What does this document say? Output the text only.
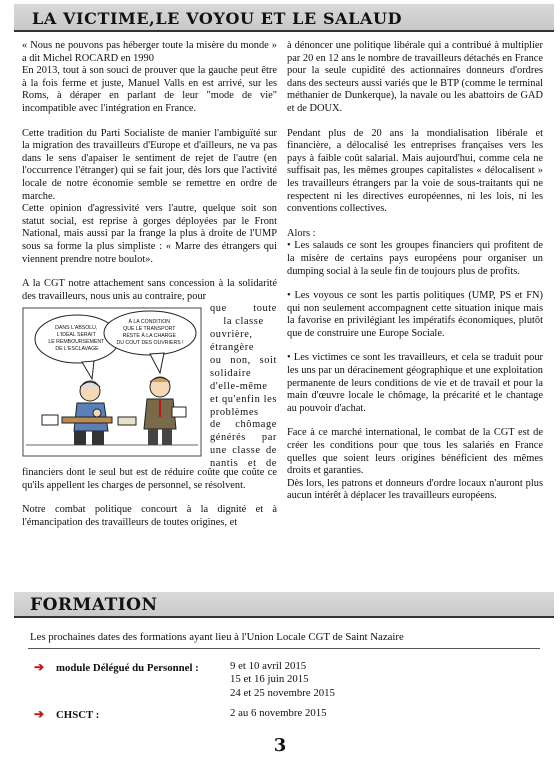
LA VICTIME,LE VOYOU ET LE SALAUD

« Nous ne pouvons pas héberger toute la misère du monde » a dit Michel ROCARD en 1990

En 2013, tout à son souci de prouver que la gauche peut être à la fois ferme et juste, Manuel Valls en est arrivé, sur les Roms, à déraper en parlant de leur "mode de vie" incompatible avec l'intégration en France.

Cette tradition du Parti Socialiste de manier l'ambiguïté sur la migration des travailleurs d'Europe et d'ailleurs, ne va pas dans le sens d'apaiser le sentiment de rejet de l'autre (en l'occurrence l'étranger) qui se fait jour, dès lors que l'activité locale de notre économie semble se remettre en ordre de marche.

Cette opinion d'agressivité vers l'autre, quelque soit son statut social, est reprise à gorges déployées par le Front National, mais aussi par la frange la plus à droite de l'UMP sous sa forme la plus simpliste : « Marre des étrangers qui viennent prendre notre boulot».

A la CGT notre attachement sans concession à la solidarité des travailleurs, nous unis au contraire, pour

DANS L'ABSOLU, L'IDÉAL SERAIT LE REMBOURSEMENT DE L'ESCLAVAGE
À LA CONDITION QUE LE TRANSPORT RESTE À LA CHARGE DU COUT DES OUVRIERS !
que toute
la classe
ouvrière,
étrangère
ou non, soit
solidaire
d'elle-même
et qu'enfin les
problèmes
de chômage
générés par
une classe de
nantis et de

financiers dont le seul but est de réduire coûte que coûte ce qu'ils appellent les charges de personnel, se résolvent.

Notre combat politique concourt à la dignité et à l'émancipation des travailleurs de toutes origines, et

à dénoncer une politique libérale qui a contribué à multiplier par 20 en 12 ans le nombre de travailleurs détachés en France pour la seule cupidité des actionnaires donneurs d'ordres dans des secteurs aussi variés que le BTP (comme le terminal méthanier de Dunkerque), la navale ou les abattoirs de GAD et de DOUX.

Pendant plus de 20 ans la mondialisation libérale et financière, a délocalisé les entreprises françaises vers les pays à faible coût salarial. Mais aujourd'hui, comme cela ne suffisait pas, les mêmes groupes capitalistes « délocalisent » les travailleurs étrangers par la voie de sous-traitants qui ne respectent ni les directives européennes, ni les lois, ni les conventions collectives.

Alors :

• Les salauds ce sont les groupes financiers qui profitent de la misère de certains pays européens pour organiser un dumping social à la seule fin de toujours plus de profits.

• Les voyous ce sont les partis politiques (UMP, PS et FN) qui non seulement accompagnent cette situation inique mais la favorise en privilégiant les impératifs économiques, plutôt que de construire une Europe Sociale.

• Les victimes ce sont les travailleurs, et cela se traduit pour les uns par un déracinement géographique et une exploitation permanente de leurs conditions de vie et de travail et pour la main d'œuvre locale le chômage, la précarité et le chantage au pouvoir d'achat.

Face à ce marché international, le combat de la CGT est de créer les conditions pour que tous les salariés en France quelles que soient leurs origines bénéficient des mêmes droits et garanties.

Dès lors, les patrons et donneurs d'ordre locaux n'auront plus aucun intérêt à déplacer les travailleurs européens.

FORMATION

Les prochaines dates des formations ayant lieu à l'Union Locale CGT de Saint Nazaire

➔ module Délégué du Personnel :	9 et 10 avril 2015
15 et 16 juin 2015
24 et 25 novembre 2015
➔ CHSCT :	2 au 6 novembre 2015
3
